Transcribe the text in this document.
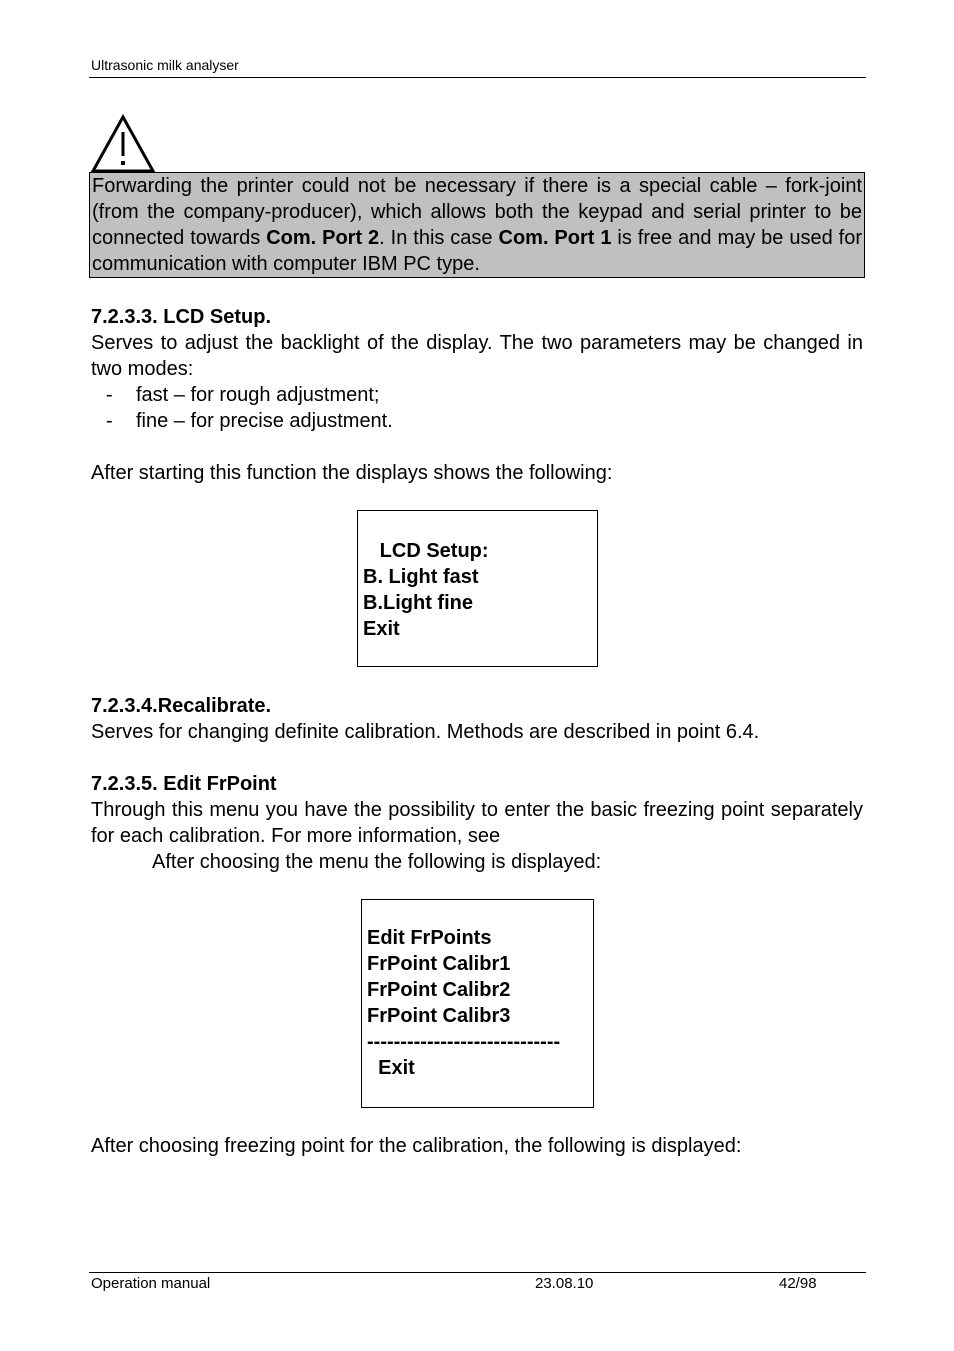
Ultrasonic milk analyser

Forwarding the printer could not be necessary if there is a special cable – fork-joint (from the company-producer), which allows both the keypad and serial printer to be connected towards Com. Port 2. In this case Com. Port 1 is free and may be used for communication with computer IBM PC type.

7.2.3.3. LCD Setup.
Serves to adjust the backlight of the display. The two parameters may be changed in two modes:
- fast – for rough adjustment;
- fine – for precise adjustment.
After starting this function the displays shows the following:
LCD Setup:
B. Light fast
B.Light fine
Exit
7.2.3.4.Recalibrate.
Serves for changing definite calibration. Methods are described in point 6.4.
7.2.3.5. Edit FrPoint
Through this menu you have the possibility to enter the basic freezing point separately for each calibration. For more information, see
After choosing the menu the following is displayed:
Edit FrPoints
FrPoint Calibr1
FrPoint Calibr2
FrPoint Calibr3
-----------------------------
Exit
After choosing freezing point for the calibration, the following is displayed:
Operation manual	23.08.10	42/98
